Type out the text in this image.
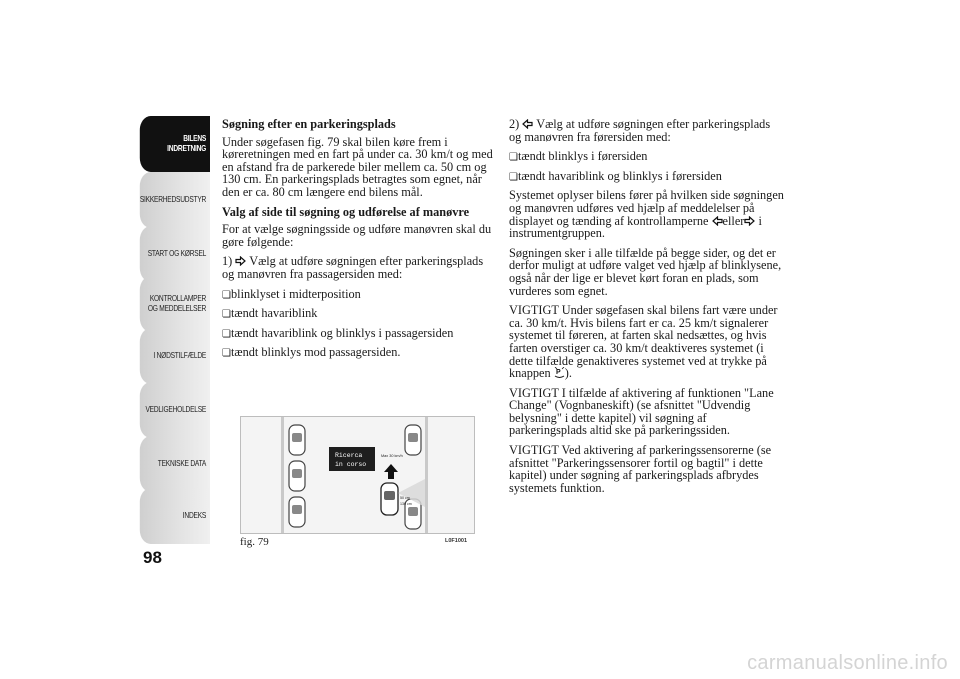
BILENS
INDRETNING
SIKKERHEDSUDSTYR
START OG KØRSEL
KONTROLLAMPER
OG MEDDELELSER
I NØDSTILFÆLDE
VEDLIGEHOLDELSE
TEKNISKE DATA
INDEKS
98
Søgning efter en parkeringsplads
Under søgefasen fig. 79 skal bilen køre frem i køreretningen med en fart på under ca. 30 km/t og med en afstand fra de parkerede biler mellem ca. 50 cm og 130 cm. En parkeringsplads betragtes som egnet, når den er ca. 80 cm længere end bilens mål.
Valg af side til søgning og udførelse af manøvre
For at vælge søgningsside og udføre manøvren skal du gøre følgende:
1) Vælg at udføre søgningen efter parkeringsplads og manøvren fra passagersiden med:
❏blinklyset i midterposition
❏tændt havariblink
❏tændt havariblink og blinklys i passagersiden
❏tændt blinklys mod passagersiden.
2) Vælg at udføre søgningen efter parkeringsplads og manøvren fra førersiden med:
❏tændt blinklys i førersiden
❏tændt havariblink og blinklys i førersiden
Systemet oplyser bilens fører på hvilken side søgningen og manøvren udføres ved hjælp af meddelelser på displayet og tænding af kontrollamperne eller i instrumentgruppen.
Søgningen sker i alle tilfælde på begge sider, og det er derfor muligt at udføre valget ved hjælp af blinklysene, også når der lige er blevet kørt foran en plads, som vurderes som egnet.
VIGTIGT Under søgefasen skal bilens fart være under ca. 30 km/t. Hvis bilens fart er ca. 25 km/t signalerer systemet til føreren, at farten skal nedsættes, og hvis farten overstiger ca. 30 km/t deaktiveres systemet (i dette tilfælde genaktiveres systemet ved at trykke på knappen P ).
VIGTIGT I tilfælde af aktivering af funktionen "Lane Change" (Vognbaneskift) (se afsnittet "Udvendig belysning" i dette kapitel) vil søgning af parkeringsplads altid ske på parkeringssiden.
VIGTIGT Ved aktivering af parkeringssensorerne (se afsnittet "Parkeringssensorer fortil og bagtil" i dette kapitel) under søgning af parkeringsplads afbrydes systemets funktion.
Ricerca
in corso
Max 30 km/h
50 cm
130 cm
fig. 79	L0F1001
carmanualsonline.info
